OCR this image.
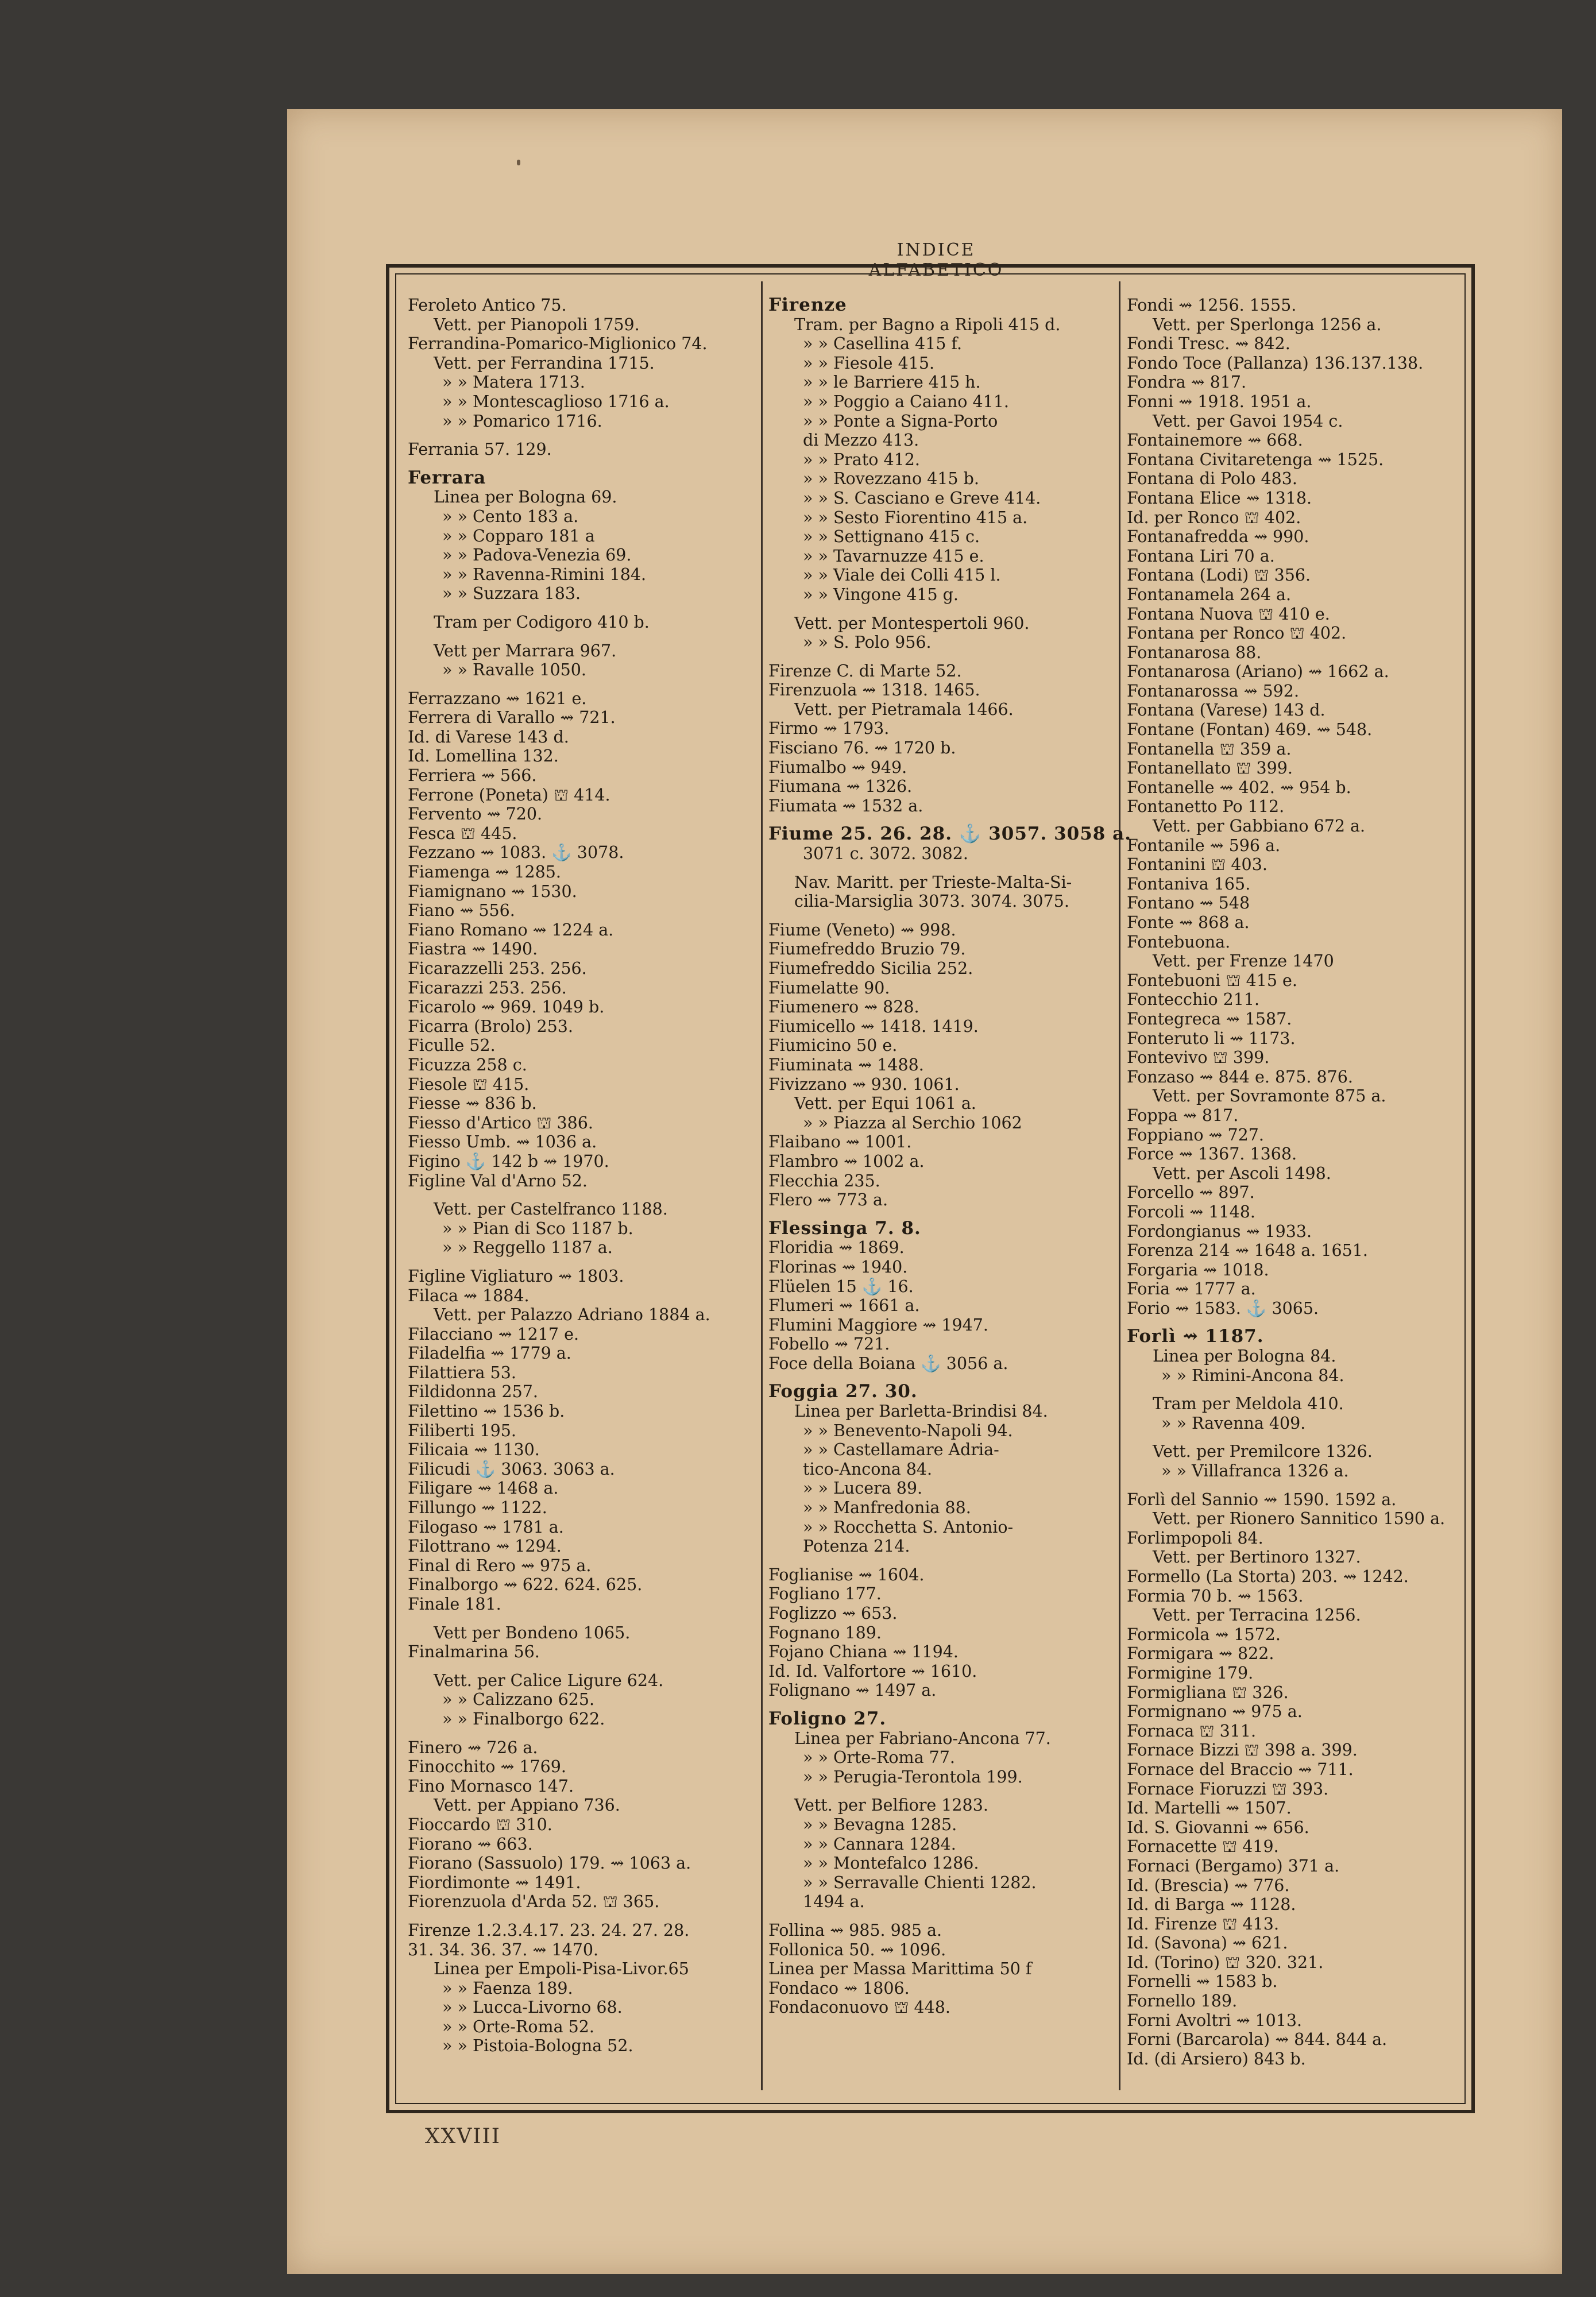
INDICE ALFABETICO
Feroleto Antico 75.
Vett. per Pianopoli 1759.
Ferrandina-Pomarico-Miglionico 74.
Vett. per Ferrandina 1715.
» » Matera 1713.
» » Montescaglioso 1716 a.
» » Pomarico 1716.
Ferrania 57. 129.
Ferrara
Linea per Bologna 69.
» » Cento 183 a.
» » Copparo 181 a
» » Padova-Venezia 69.
» » Ravenna-Rimini 184.
» » Suzzara 183.
Tram per Codigoro 410 b.
Vett per Marrara 967.
» » Ravalle 1050.
Ferrazzano ⇝ 1621 e.
Ferrera di Varallo ⇝ 721.
Id. di Varese 143 d.
Id. Lomellina 132.
Ferriera ⇝ 566.
Ferrone (Poneta) ⛫ 414.
Fervento ⇝ 720.
Fesca ⛫ 445.
Fezzano ⇝ 1083. ⚓ 3078.
Fiamenga ⇝ 1285.
Fiamignano ⇝ 1530.
Fiano ⇝ 556.
Fiano Romano ⇝ 1224 a.
Fiastra ⇝ 1490.
Ficarazzelli 253. 256.
Ficarazzi 253. 256.
Ficarolo ⇝ 969. 1049 b.
Ficarra (Brolo) 253.
Ficulle 52.
Ficuzza 258 c.
Fiesole ⛫ 415.
Fiesse ⇝ 836 b.
Fiesso d'Artico ⛫ 386.
Fiesso Umb. ⇝ 1036 a.
Figino ⚓ 142 b ⇝ 1970.
Figline Val d'Arno 52.
Vett. per Castelfranco 1188.
» » Pian di Sco 1187 b.
» » Reggello 1187 a.
Figline Vigliaturo ⇝ 1803.
Filaca ⇝ 1884.
Vett. per Palazzo Adriano 1884 a.
Filacciano ⇝ 1217 e.
Filadelfia ⇝ 1779 a.
Filattiera 53.
Fildidonna 257.
Filettino ⇝ 1536 b.
Filiberti 195.
Filicaia ⇝ 1130.
Filicudi ⚓ 3063. 3063 a.
Filigare ⇝ 1468 a.
Fillungo ⇝ 1122.
Filogaso ⇝ 1781 a.
Filottrano ⇝ 1294.
Final di Rero ⇝ 975 a.
Finalborgo ⇝ 622. 624. 625.
Finale 181.
Vett per Bondeno 1065.
Finalmarina 56.
Vett. per Calice Ligure 624.
» » Calizzano 625.
» » Finalborgo 622.
Finero ⇝ 726 a.
Finocchito ⇝ 1769.
Fino Mornasco 147.
Vett. per Appiano 736.
Fioccardo ⛫ 310.
Fiorano ⇝ 663.
Fiorano (Sassuolo) 179. ⇝ 1063 a.
Fiordimonte ⇝ 1491.
Fiorenzuola d'Arda 52. ⛫ 365.
Firenze 1.2.3.4.17. 23. 24. 27. 28.
31. 34. 36. 37. ⇝ 1470.
Linea per Empoli-Pisa-Livor.65
» » Faenza 189.
» » Lucca-Livorno 68.
» » Orte-Roma 52.
» » Pistoia-Bologna 52.
Firenze
Tram. per Bagno a Ripoli 415 d.
» » Casellina 415 f.
» » Fiesole 415.
» » le Barriere 415 h.
» » Poggio a Caiano 411.
» » Ponte a Signa-Porto
di Mezzo 413.
» » Prato 412.
» » Rovezzano 415 b.
» » S. Casciano e Greve 414.
» » Sesto Fiorentino 415 a.
» » Settignano 415 c.
» » Tavarnuzze 415 e.
» » Viale dei Colli 415 l.
» » Vingone 415 g.
Vett. per Montespertoli 960.
» » S. Polo 956.
Firenze C. di Marte 52.
Firenzuola ⇝ 1318. 1465.
Vett. per Pietramala 1466.
Firmo ⇝ 1793.
Fisciano 76. ⇝ 1720 b.
Fiumalbo ⇝ 949.
Fiumana ⇝ 1326.
Fiumata ⇝ 1532 a.
Fiume 25. 26. 28. ⚓ 3057. 3058 a.
3071 c. 3072. 3082.
Nav. Maritt. per Trieste-Malta-Si-
cilia-Marsiglia 3073. 3074. 3075.
Fiume (Veneto) ⇝ 998.
Fiumefreddo Bruzio 79.
Fiumefreddo Sicilia 252.
Fiumelatte 90.
Fiumenero ⇝ 828.
Fiumicello ⇝ 1418. 1419.
Fiumicino 50 e.
Fiuminata ⇝ 1488.
Fivizzano ⇝ 930. 1061.
Vett. per Equi 1061 a.
» » Piazza al Serchio 1062
Flaibano ⇝ 1001.
Flambro ⇝ 1002 a.
Flecchia 235.
Flero ⇝ 773 a.
Flessinga 7. 8.
Floridia ⇝ 1869.
Florinas ⇝ 1940.
Flüelen 15 ⚓ 16.
Flumeri ⇝ 1661 a.
Flumini Maggiore ⇝ 1947.
Fobello ⇝ 721.
Foce della Boiana ⚓ 3056 a.
Foggia 27. 30.
Linea per Barletta-Brindisi 84.
» » Benevento-Napoli 94.
» » Castellamare Adria-
tico-Ancona 84.
» » Lucera 89.
» » Manfredonia 88.
» » Rocchetta S. Antonio-
Potenza 214.
Foglianise ⇝ 1604.
Fogliano 177.
Foglizzo ⇝ 653.
Fognano 189.
Fojano Chiana ⇝ 1194.
Id. Id. Valfortore ⇝ 1610.
Folignano ⇝ 1497 a.
Foligno 27.
Linea per Fabriano-Ancona 77.
» » Orte-Roma 77.
» » Perugia-Terontola 199.
Vett. per Belfiore 1283.
» » Bevagna 1285.
» » Cannara 1284.
» » Montefalco 1286.
» » Serravalle Chienti 1282.
1494 a.
Follina ⇝ 985. 985 a.
Follonica 50. ⇝ 1096.
Linea per Massa Marittima 50 f
Fondaco ⇝ 1806.
Fondaconuovo ⛫ 448.
Fondi ⇝ 1256. 1555.
Vett. per Sperlonga 1256 a.
Fondi Tresc. ⇝ 842.
Fondo Toce (Pallanza) 136.137.138.
Fondra ⇝ 817.
Fonni ⇝ 1918. 1951 a.
Vett. per Gavoi 1954 c.
Fontainemore ⇝ 668.
Fontana Civitaretenga ⇝ 1525.
Fontana di Polo 483.
Fontana Elice ⇝ 1318.
Id. per Ronco ⛫ 402.
Fontanafredda ⇝ 990.
Fontana Liri 70 a.
Fontana (Lodi) ⛫ 356.
Fontanamela 264 a.
Fontana Nuova ⛫ 410 e.
Fontana per Ronco ⛫ 402.
Fontanarosa 88.
Fontanarosa (Ariano) ⇝ 1662 a.
Fontanarossa ⇝ 592.
Fontana (Varese) 143 d.
Fontane (Fontan) 469. ⇝ 548.
Fontanella ⛫ 359 a.
Fontanellato ⛫ 399.
Fontanelle ⇝ 402. ⇝ 954 b.
Fontanetto Po 112.
Vett. per Gabbiano 672 a.
Fontanile ⇝ 596 a.
Fontanini ⛫ 403.
Fontaniva 165.
Fontano ⇝ 548
Fonte ⇝ 868 a.
Fontebuona.
Vett. per Frenze 1470
Fontebuoni ⛫ 415 e.
Fontecchio 211.
Fontegreca ⇝ 1587.
Fonteruto li ⇝ 1173.
Fontevivo ⛫ 399.
Fonzaso ⇝ 844 e. 875. 876.
Vett. per Sovramonte 875 a.
Foppa ⇝ 817.
Foppiano ⇝ 727.
Force ⇝ 1367. 1368.
Vett. per Ascoli 1498.
Forcello ⇝ 897.
Forcoli ⇝ 1148.
Fordongianus ⇝ 1933.
Forenza 214 ⇝ 1648 a. 1651.
Forgaria ⇝ 1018.
Foria ⇝ 1777 a.
Forio ⇝ 1583. ⚓ 3065.
Forlì ⇝ 1187.
Linea per Bologna 84.
» » Rimini-Ancona 84.
Tram per Meldola 410.
» » Ravenna 409.
Vett. per Premilcore 1326.
» » Villafranca 1326 a.
Forlì del Sannio ⇝ 1590. 1592 a.
Vett. per Rionero Sannitico 1590 a.
Forlimpopoli 84.
Vett. per Bertinoro 1327.
Formello (La Storta) 203. ⇝ 1242.
Formia 70 b. ⇝ 1563.
Vett. per Terracina 1256.
Formicola ⇝ 1572.
Formigara ⇝ 822.
Formigine 179.
Formigliana ⛫ 326.
Formignano ⇝ 975 a.
Fornaca ⛫ 311.
Fornace Bizzi ⛫ 398 a. 399.
Fornace del Braccio ⇝ 711.
Fornace Fioruzzi ⛫ 393.
Id. Martelli ⇝ 1507.
Id. S. Giovanni ⇝ 656.
Fornacette ⛫ 419.
Fornaci (Bergamo) 371 a.
Id. (Brescia) ⇝ 776.
Id. di Barga ⇝ 1128.
Id. Firenze ⛫ 413.
Id. (Savona) ⇝ 621.
Id. (Torino) ⛫ 320. 321.
Fornelli ⇝ 1583 b.
Fornello 189.
Forni Avoltri ⇝ 1013.
Forni (Barcarola) ⇝ 844. 844 a.
Id. (di Arsiero) 843 b.
XXVIII
